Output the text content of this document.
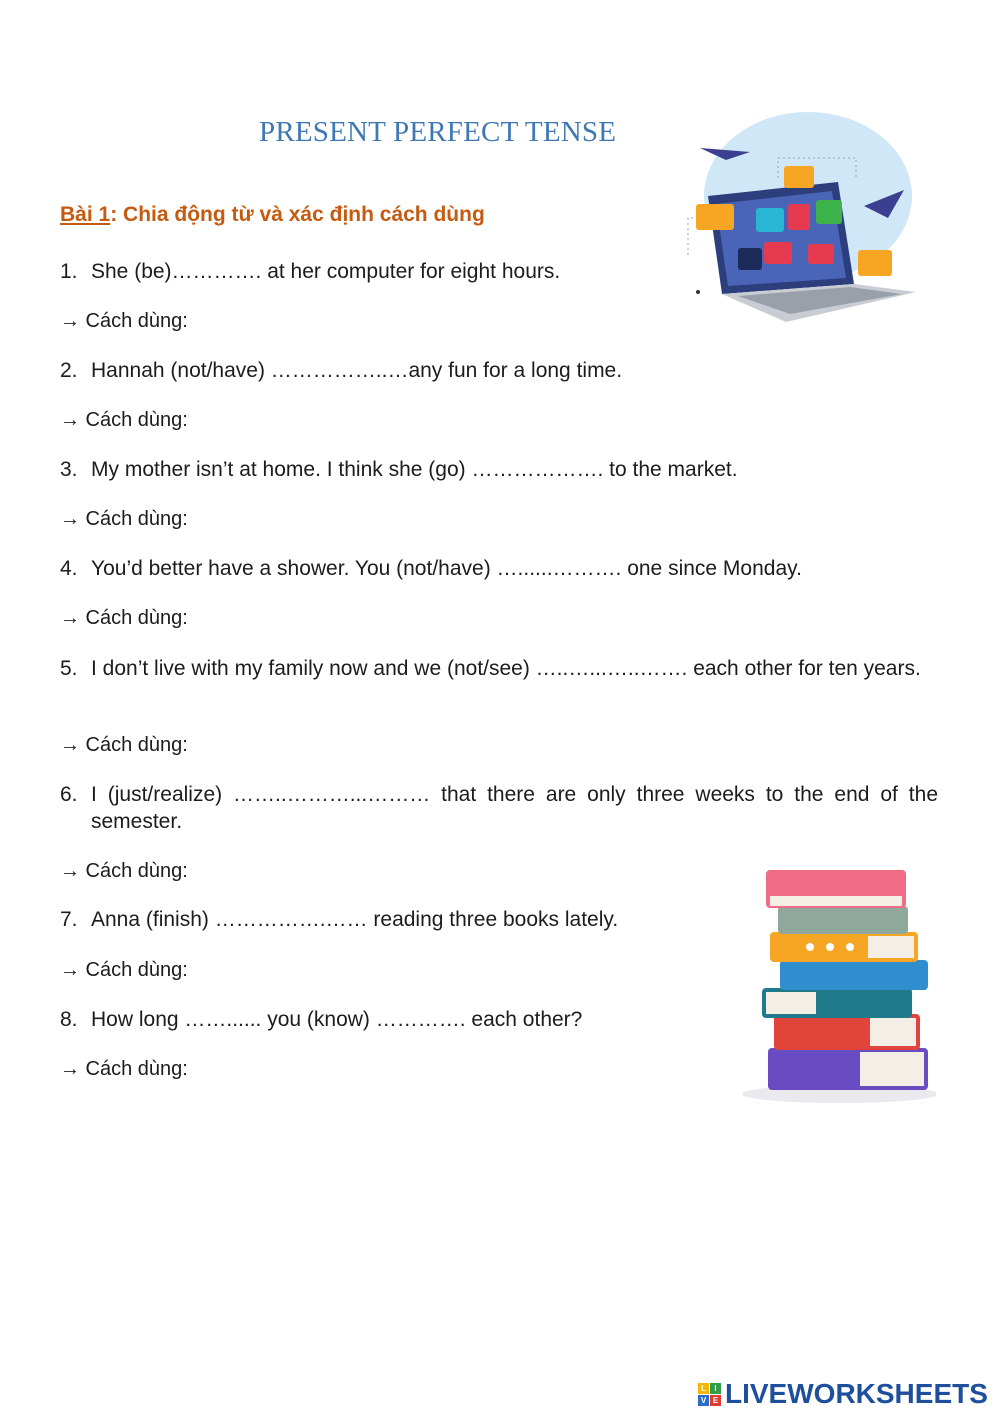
PRESENT PERFECT TENSE
Bài 1: Chia động từ và xác định cách dùng
1. She (be)…………. at her computer for eight hours.
→ Cách dùng:
2. Hannah (not/have) ……………..…any fun for a long time.
→ Cách dùng:
3. My mother isn’t at home. I think she (go) ………………. to the market.
→ Cách dùng:
4. You’d better have a shower. You (not/have) …......………. one since Monday.
→ Cách dùng:
5. I don’t live with my family now and we (not/see) …..…...…..……. each other for ten years.
→ Cách dùng:
6. I (just/realize) ……..………...……… that there are only three weeks to the end of the semester.
→ Cách dùng:
7. Anna (finish) …………….…… reading three books lately.
→ Cách dùng:
8. How long ……...... you (know) …………. each other?
→ Cách dùng:
L	I
V E LIVEWORKSHEETS
